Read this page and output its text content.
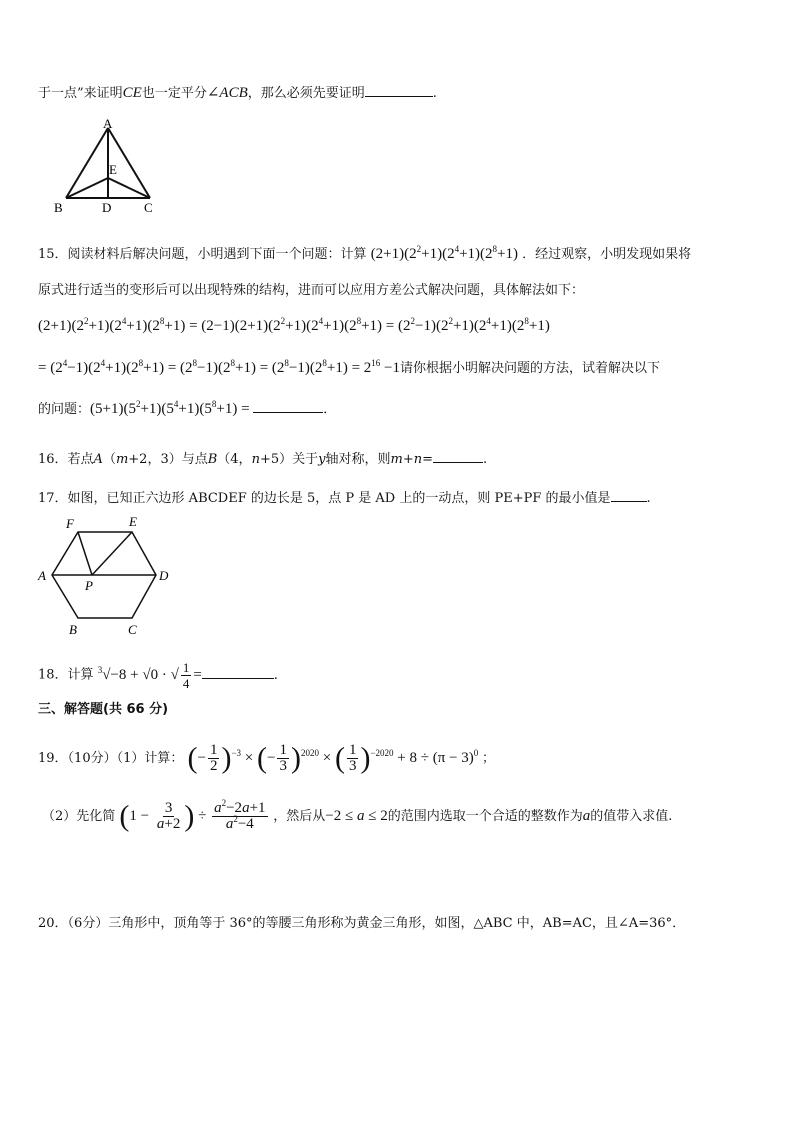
于一点”来证明CE也一定平分∠ACB，那么必须先要证明	.
A
B	D	C
E
15．阅读材料后解决问题，小明遇到下面一个问题：计算 $(2+1)(2^2+1)(2^4+1)(2^8+1)$ ．经过观察，小明发现如果将
原式进行适当的变形后可以出现特殊的结构，进而可以应用方差公式解决问题，具体解法如下：
$(2+1)(2^2+1)(2^4+1)(2^8+1) = (2-1)(2+1)(2^2+1)(2^4+1)(2^8+1) = (2^2-1)(2^2+1)(2^4+1)(2^8+1)$
= $(2^4-1)(2^4+1)(2^8+1) = (2^8-1)(2^8+1) = (2^8-1)(2^8+1) = 2^{16} -1$请你根据小明解决问题的方法，试着解决以下
的问题：$(5+1)(5^2+1)(5^4+1)(5^8+1)$ =	．
16．若点A（m+2，3）与点B（4，n+5）关于y轴对称，则m+n=	.
17．如图，已知正六边形 ABCDEF 的边长是 5，点 P 是 AD 上的一动点，则 PE+PF 的最小值是	.
F	E
A	D
P
B	C
18．计算 $^3$√−8 + √0 · √ $\frac{1}{4}$ =	.
三、解答题(共 66 分)
19．（10分）（1）计算： (− $\frac{1}{2} )^{-3}$ × (− $\frac{1}{3} )^{2020}$ × ( $\frac{1}{3} )^{-2020} + 8 \div (\pi - 3)^0$ ；
（2）先化简 ($1 - \frac{3}{a+2}$ ) ÷ $\frac{a^2-2a+1}{a^2-4}$ ，然后从−2 ≤ a ≤ 2的范围内选取一个合适的整数作为a的值带入求值.
20．（6分）三角形中，顶角等于 36°的等腰三角形称为黄金三角形，如图，△ABC 中，AB=AC，且∠A=36°．
